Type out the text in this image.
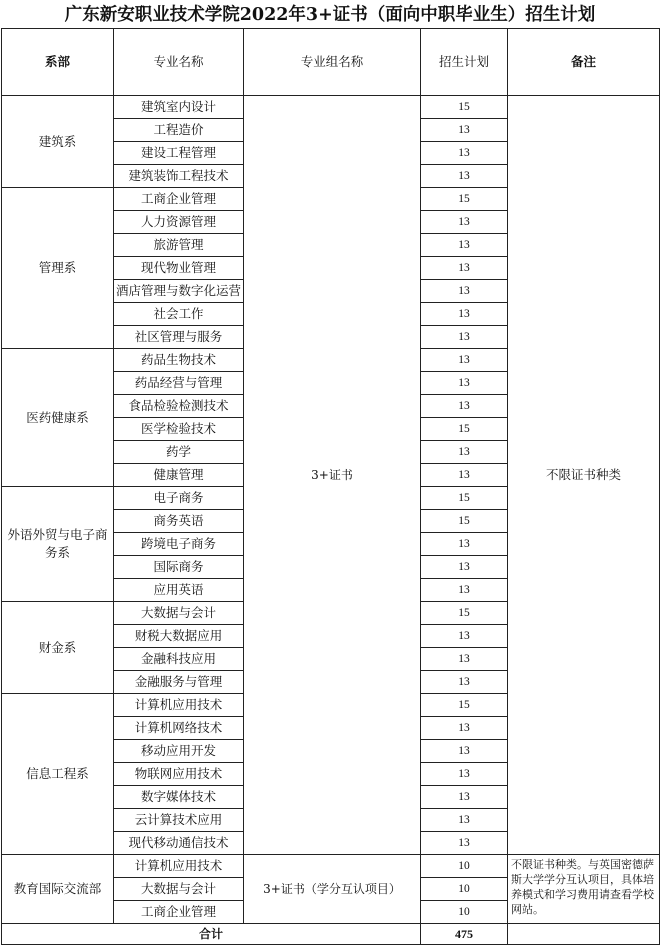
广东新安职业技术学院2022年3+证书（面向中职毕业生）招生计划
系部	专业名称	专业组名称	招生计划	备注
建筑系	建筑室内设计	3+证书	15	不限证书种类
	工程造价		13	
	建设工程管理		13	
	建筑装饰工程技术		13	
管理系	工商企业管理		15	
	人力资源管理		13	
	旅游管理		13	
	现代物业管理		13	
	酒店管理与数字化运营		13	
	社会工作		13	
	社区管理与服务		13	
医药健康系	药品生物技术		13	
	药品经营与管理		13	
	食品检验检测技术		13	
	医学检验技术		15	
	药学		13	
	健康管理		13	
外语外贸与电子商务系	电子商务		15	
	商务英语		15	
	跨境电子商务		13	
	国际商务		13	
	应用英语		13	
财金系	大数据与会计		15	
	财税大数据应用		13	
	金融科技应用		13	
	金融服务与管理		13	
信息工程系	计算机应用技术		15	
	计算机网络技术		13	
	移动应用开发		13	
	物联网应用技术		13	
	数字媒体技术		13	
	云计算技术应用		13	
	现代移动通信技术		13	
教育国际交流部	计算机应用技术	3+证书（学分互认项目）	10	不限证书种类。与英国密德萨斯大学学分互认项目，具体培养模式和学习费用请查看学校网站。
	大数据与会计		10	
	工商企业管理		10	
合计			475	
